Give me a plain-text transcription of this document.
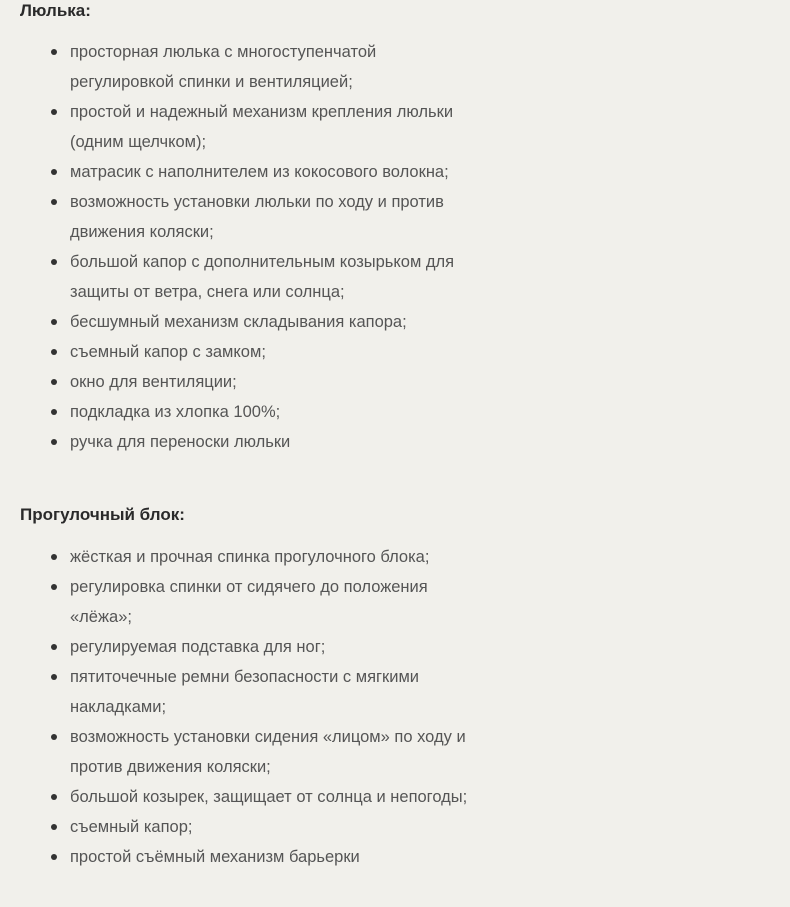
Люлька:
просторная люлька с многоступенчатой регулировкой спинки и вентиляцией;
простой и надежный механизм крепления люльки (одним щелчком);
матрасик с наполнителем из кокосового волокна;
возможность установки люльки по ходу и против движения коляски;
большой капор с дополнительным козырьком для защиты от ветра, снега или солнца;
бесшумный механизм складывания капора;
съемный капор с замком;
окно для вентиляции;
подкладка из хлопка 100%;
ручка для переноски люльки
Прогулочный блок:
жёсткая и прочная спинка прогулочного блока;
регулировка спинки от сидячего до положения «лёжа»;
регулируемая подставка для ног;
пятиточечные ремни безопасности с мягкими накладками;
возможность установки сидения «лицом» по ходу и против движения коляски;
большой козырек, защищает от солнца и непогоды;
съемный капор;
простой съёмный механизм барьерки
